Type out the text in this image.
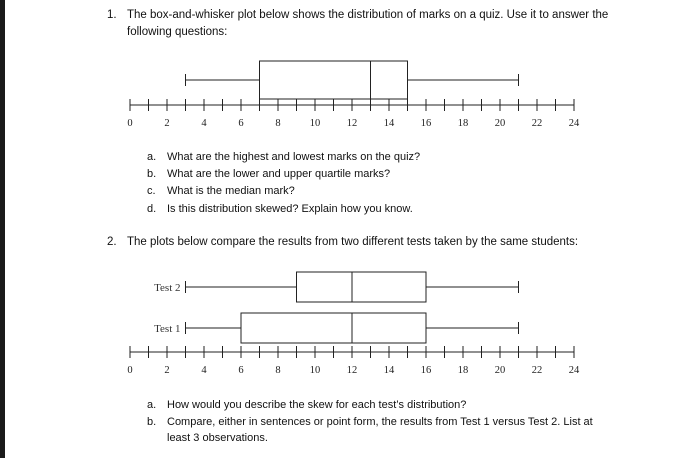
1. The box-and-whisker plot below shows the distribution of marks on a quiz. Use it to answer the
following questions:
0	2	4	6	8	10	12	14	16	18	20	22	24
a. What are the highest and lowest marks on the quiz?
b. What are the lower and upper quartile marks?
c. What is the median mark?
d. Is this distribution skewed? Explain how you know.
2. The plots below compare the results from two different tests taken by the same students:
Test 2
Test 1
0	2	4	6	8	10	12	14	16	18	20	22	24
a. How would you describe the skew for each test’s distribution?
b. Compare, either in sentences or point form, the results from Test 1 versus Test 2. List at least 3 observations.
